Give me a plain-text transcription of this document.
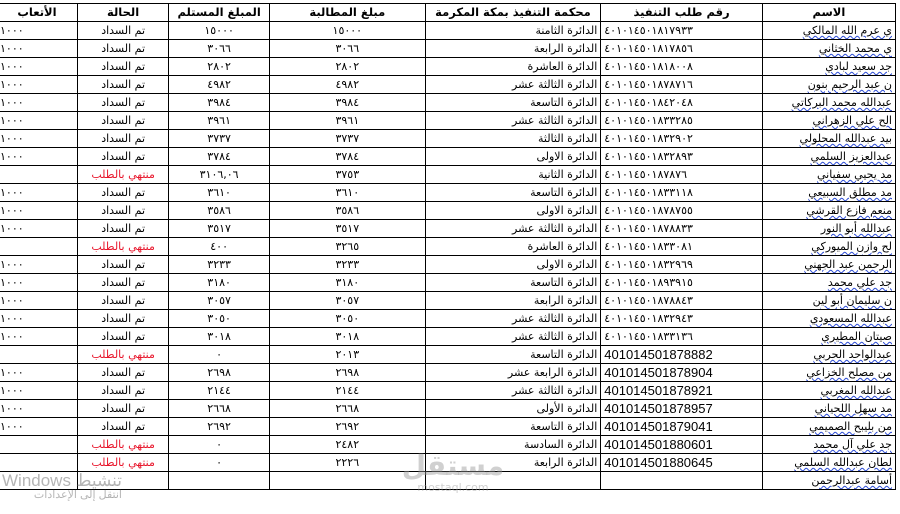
الاسم	رقم طلب التنفيذ	محكمة التنفيذ بمكة المكرمة	مبلغ المطالبة	المبلغ المستلم	الحالة	الأتعاب
ي عرم الله المالكي	٤٠١٠١٤٥٠١٨١٧٩٣٣	الدائرة الثامنة	١٥٠٠٠	١٥٠٠٠	تم السداد	١٠٠٠
ي محمد الخثاني	٤٠١٠١٤٥٠١٨١٧٨٥٦	الدائرة الرابعة	٣٠٦٦	٣٠٦٦	تم السداد	١٠٠٠
جد سعيد لبادي	٤٠١٠١٤٥٠١٨١٨٠٠٨	الدائرة العاشرة	٢٨٠٢	٢٨٠٢	تم السداد	١٠٠٠
ن عبد الرحيم بنون	٤٠١٠١٤٥٠١٨٧٨٧١٦	الدائرة الثالثة عشر	٤٩٨٢	٤٩٨٢	تم السداد	١٠٠٠
عبدالله محمد البركاتي	٤٠١٠١٤٥٠١٨٤٢٠٤٨	الدائرة التاسعة	٣٩٨٤	٣٩٨٤	تم السداد	١٠٠٠
الح علي الزهراني	٤٠١٠١٤٥٠١٨٣٣٢٨٥	الدائرة الثالثة عشر	٣٩٦١	٣٩٦١	تم السداد	١٠٠٠
بيد عبدالله المحلولي	٤٠١٠١٤٥٠١٨٣٢٩٠٢	الدائرة الثالثة	٣٧٣٧	٣٧٣٧	تم السداد	١٠٠٠
عبدالعزيز السلمي	٤٠١٠١٤٥٠١٨٣٢٨٩٣	الدائرة الاولى	٣٧٨٤	٣٧٨٤	تم السداد	١٠٠٠
مد يحيي سفياني	٤٠١٠١٤٥٠١٨٧٨٧٦	الدائرة الثانية	٣٧٥٣	٣١٠٦,٠٦	منتهي بالطلب	
مد مطلق السبيعي	٤٠١٠١٤٥٠١٨٣٣١١٨	الدائرة التاسعة	٣٦١٠	٣٦١٠	تم السداد	١٠٠٠
منعم فازع القرشي	٤٠١٠١٤٥٠١٨٧٨٧٥٥	الدائرة الاولى	٣٥٨٦	٣٥٨٦	تم السداد	١٠٠٠
عبدالله أبو النور	٤٠١٠١٤٥٠١٨٧٨٨٣٣	الدائرة الثالثة عشر	٣٥١٧	٣٥١٧	تم السداد	١٠٠٠
لح وازن الميوركي	٤٠١٠١٤٥٠١٨٣٣٠٨١	الدائرة العاشرة	٣٢٦٥	٤٠٠	منتهي بالطلب	
الرحمن عبد الجهني	٤٠١٠١٤٥٠١٨٣٢٩٦٩	الدائرة الاولى	٣٢٣٣	٣٢٣٣	تم السداد	١٠٠٠
جد علي محمد	٤٠١٠١٤٥٠١٨٩٣٩١٥	الدائرة التاسعة	٣١٨٠	٣١٨٠	تم السداد	١٠٠٠
ن سليمان أبو لين	٤٠١٠١٤٥٠١٨٧٨٨٤٣	الدائرة الرابعة	٣٠٥٧	٣٠٥٧	تم السداد	١٠٠٠
عبدالله المسعودي	٤٠١٠١٤٥٠١٨٣٢٩٤٣	الدائرة الثالثة عشر	٣٠٥٠	٣٠٥٠	تم السداد	١٠٠٠
صيتان المطيري	٤٠١٠١٤٥٠١٨٣٣١٣٦	الدائرة الثالثة عشر	٣٠١٨	٣٠١٨	تم السداد	١٠٠٠
عبدالواحد الحربي	401014501878882	الدائرة التاسعة	٢٠١٣	٠	منتهي بالطلب	
من مصلح الخزاعي	401014501878904	الدائرة الرابعة عشر	٢٦٩٨	٢٦٩٨	تم السداد	١٠٠٠
عبدالله المغربي	401014501878921	الدائرة الثالثة عشر	٢١٤٤	٢١٤٤	تم السداد	١٠٠٠
مد سهل اللحياني	401014501878957	الدائرة الأولى	٢٦٦٨	٢٦٦٨	تم السداد	١٠٠٠
من بليبح الصميمي	401014501879041	الدائرة التاسعة	٢٦٩٢	٢٦٩٢	تم السداد	١٠٠٠
جد علي آل محمد	401014501880601	الدائرة السادسة	٢٤٨٢	٠	منتهي بالطلب	
لطان عبدالله السلمي	401014501880645	الدائرة الرابعة	٢٢٢٦	٠	منتهي بالطلب	
أسامة عبدالرحمن						
Windows تنشيط
انتقل إلى الإعدادات
مستقل
mostaql.com
